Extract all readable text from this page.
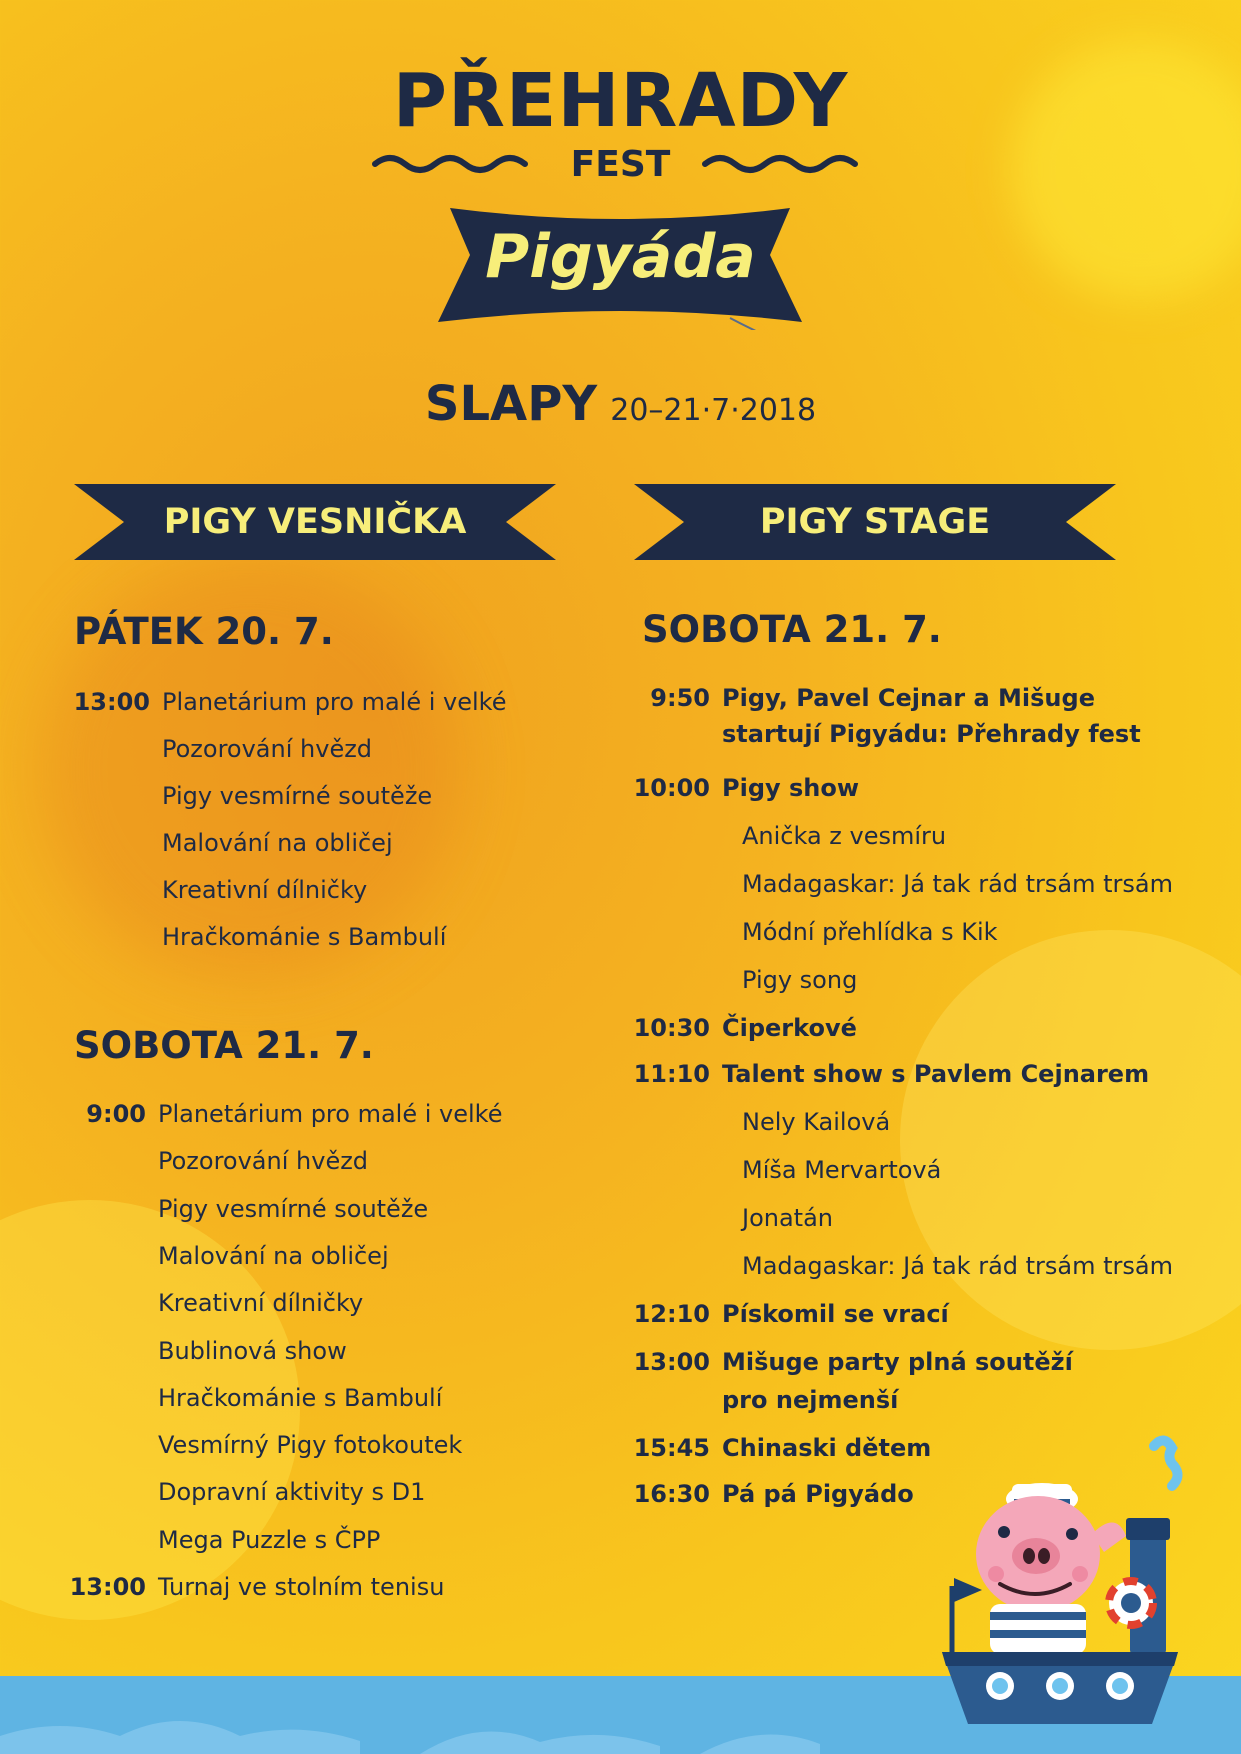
PŘEHRADY
FEST
Pigyáda
SLAPY 20–21·7·2018
PIGY VESNIČKA	PIGY STAGE
PÁTEK 20. 7.
13:00 Planetárium pro malé i velké
Pozorování hvězd
Pigy vesmírné soutěže
Malování na obličej
Kreativní dílničky
Hračkománie s Bambulí
SOBOTA 21. 7.
9:00 Planetárium pro malé i velké
Pozorování hvězd
Pigy vesmírné soutěže
Malování na obličej
Kreativní dílničky
Bublinová show
Hračkománie s Bambulí
Vesmírný Pigy fotokoutek
Dopravní aktivity s D1
Mega Puzzle s ČPP
13:00 Turnaj ve stolním tenisu
SOBOTA 21. 7.
9:50 Pigy, Pavel Cejnar a Mišuge
startují Pigyádu: Přehrady fest
10:00 Pigy show
Anička z vesmíru
Madagaskar: Já tak rád trsám trsám
Módní přehlídka s Kik
Pigy song
10:30 Čiperkové
11:10 Talent show s Pavlem Cejnarem
Nely Kailová
Míša Mervartová
Jonatán
Madagaskar: Já tak rád trsám trsám
12:10 Pískomil se vrací
13:00 Mišuge party plná soutěží
pro nejmenší
15:45 Chinaski dětem
16:30 Pá pá Pigyádo
